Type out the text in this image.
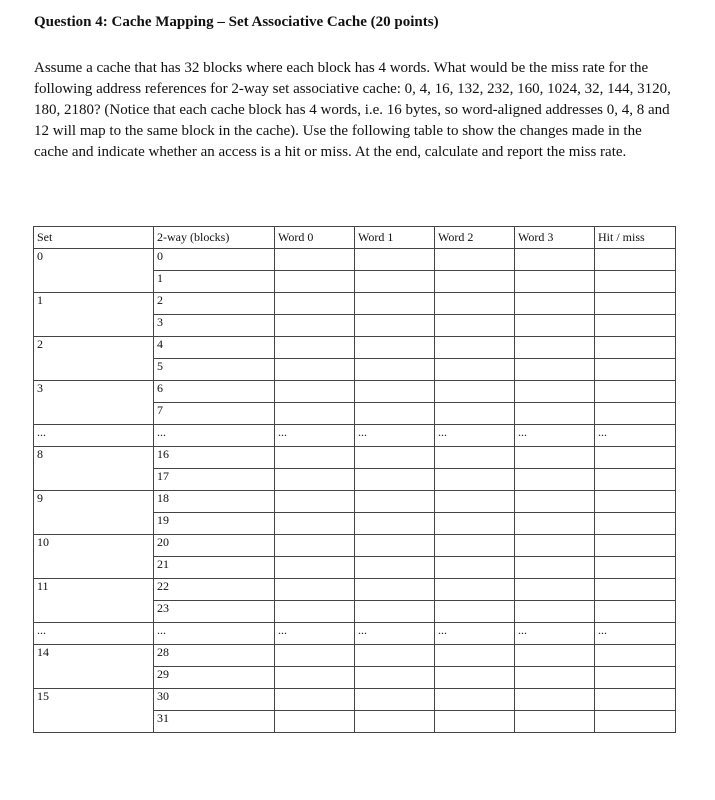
Question 4: Cache Mapping – Set Associative Cache (20 points)
Assume a cache that has 32 blocks where each block has 4 words. What would be the miss rate for the following address references for 2-way set associative cache: 0, 4, 16, 132, 232, 160, 1024, 32, 144, 3120, 180, 2180? (Notice that each cache block has 4 words, i.e. 16 bytes, so word-aligned addresses 0, 4, 8 and 12 will map to the same block in the cache). Use the following table to show the changes made in the cache and indicate whether an access is a hit or miss. At the end, calculate and report the miss rate.
Set	2-way (blocks)	Word 0	Word 1	Word 2	Word 3	Hit / miss
0	0					
	1					
1	2					
	3					
2	4					
	5					
3	6					
	7					
...	...	...	...	...	...	...
8	16					
	17					
9	18					
	19					
10	20					
	21					
11	22					
	23					
...	...	...	...	...	...	...
14	28					
	29					
15	30					
	31					
